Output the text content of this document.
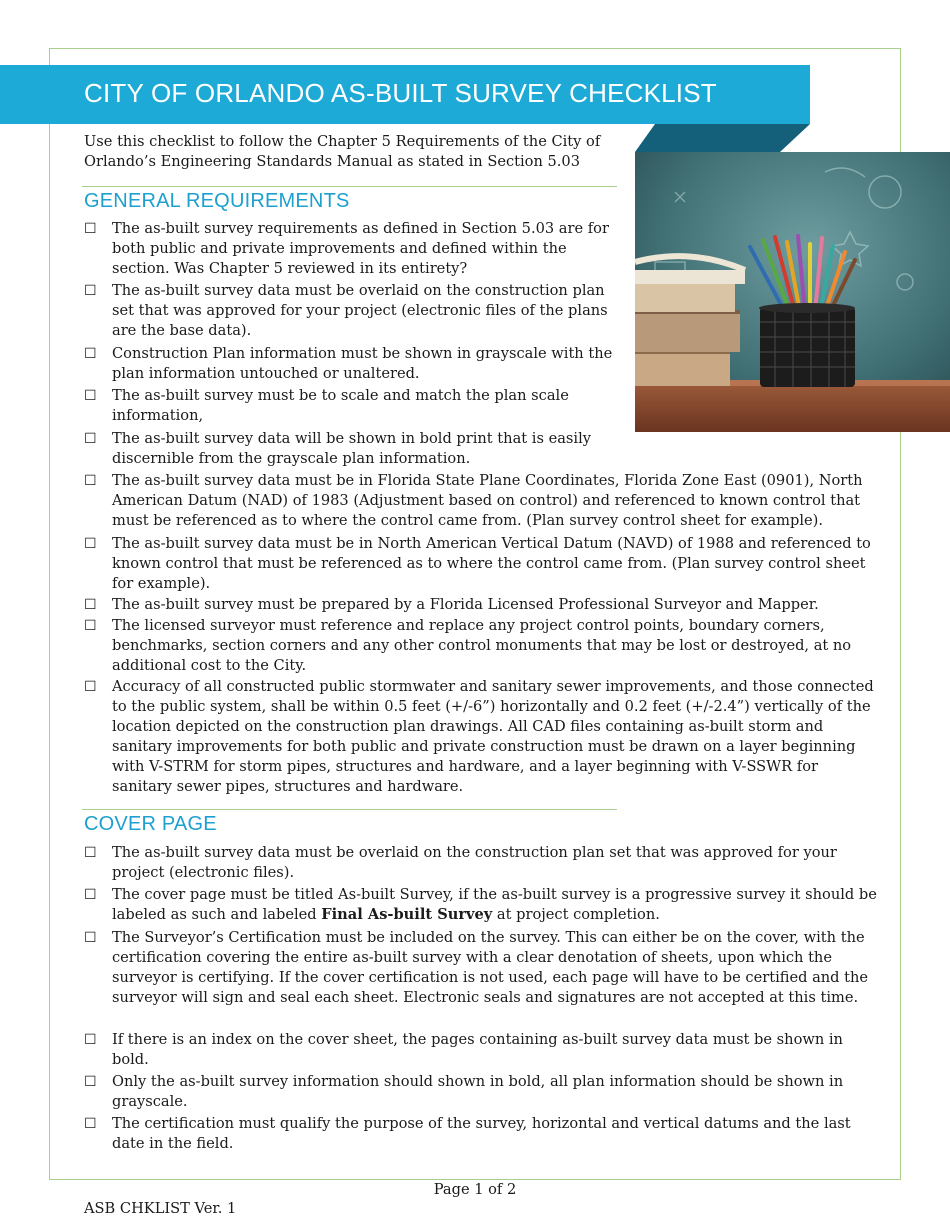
CITY OF ORLANDO AS-BUILT SURVEY CHECKLIST
Use this checklist to follow the Chapter 5 Requirements of the City of Orlando’s Engineering Standards Manual as stated in Section 5.03
GENERAL REQUIREMENTS
☐	The as-built survey requirements as defined in Section 5.03 are for both public and private improvements and defined within the section. Was Chapter 5 reviewed in its entirety?
☐	The as-built survey data must be overlaid on the construction plan set that was approved for your project (electronic files of the plans are the base data).
☐	Construction Plan information must be shown in grayscale with the plan information untouched or unaltered.
☐	The as-built survey must be to scale and match the plan scale information,
☐	The as-built survey data will be shown in bold print that is easily discernible from the grayscale plan information.
☐	The as-built survey data must be in Florida State Plane Coordinates, Florida Zone East (0901), North American Datum (NAD) of 1983 (Adjustment based on control) and referenced to known control that must be referenced as to where the control came from. (Plan survey control sheet for example).
☐	The as-built survey data must be in North American Vertical Datum (NAVD) of 1988 and referenced to known control that must be referenced as to where the control came from. (Plan survey control sheet for example).
☐	The as-built survey must be prepared by a Florida Licensed Professional Surveyor and Mapper.
☐	The licensed surveyor must reference and replace any project control points, boundary corners, benchmarks, section corners and any other control monuments that may be lost or destroyed, at no additional cost to the City.
☐	Accuracy of all constructed public stormwater and sanitary sewer improvements, and those connected to the public system, shall be within 0.5 feet (+/-6”) horizontally and 0.2 feet (+/-2.4”) vertically of the location depicted on the construction plan drawings. All CAD files containing as-built storm and sanitary improvements for both public and private construction must be drawn on a layer beginning with V-STRM for storm pipes, structures and hardware, and a layer beginning with V-SSWR for sanitary sewer pipes, structures and hardware.
COVER PAGE
☐	The as-built survey data must be overlaid on the construction plan set that was approved for your project (electronic files).
☐	The cover page must be titled As-built Survey, if the as-built survey is a progressive survey it should be labeled as such and labeled Final As-built Survey at project completion.
☐	The Surveyor’s Certification must be included on the survey. This can either be on the cover, with the certification covering the entire as-built survey with a clear denotation of sheets, upon which the surveyor is certifying. If the cover certification is not used, each page will have to be certified and the surveyor will sign and seal each sheet. Electronic seals and signatures are not accepted at this time.
☐	If there is an index on the cover sheet, the pages containing as-built survey data must be shown in bold.
☐	Only the as-built survey information should shown in bold, all plan information should be shown in grayscale.
☐	The certification must qualify the purpose of the survey, horizontal and vertical datums and the last date in the field.
Page 1 of 2
ASB CHKLIST Ver. 1
